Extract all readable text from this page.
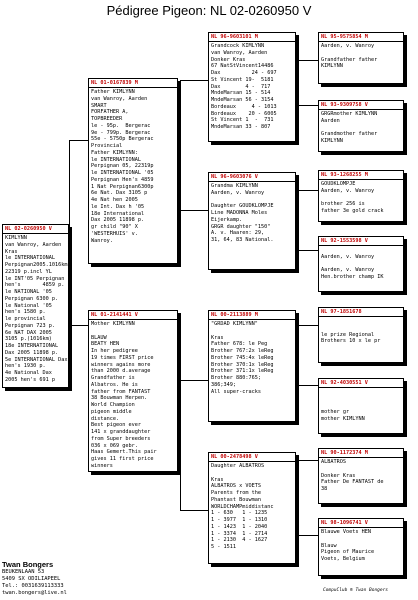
Pédigree Pigeon: NL 02-0260950 V
NL 02-0260950 V
KIMLYNN
van Wanroy, Aarden
Kras
le INTERNATIONAL
Perpignan2005.1016km
22319 p.incl YL
le INT'05 Perpignan
hen's       4859 p.
le NATIONAL '05
Perpignan 6300 p.
le National '05
hen's 1580 p.
le provincial
Perpignan 723 p.
6e NAT DAX 2005
3105 p.(1016km)
18e INTERNATIONAL
Dax 2005 11898 p.
5e INTERNATIONAL Dax
hen's 1930 p.
4e National Dax
2005 hen's 691 p
NL 01-0167839 M
Father KIMLYNN
van Wanroy, Aarden
SMART
FORFATHER A,
TOPBREEDER
le - 95p.  Bergerac
9e - 799p. Bergerac
55e - 5750p Bergerac
Provincial
Father KIMLYNN:
le INTERNATIONAL
Perpignan 05, 22319p
le INTERNATIONAL '05
Perpignan Hen's 4859
1 Nat Perpignan6300p
6e Nat. Dax 3105 p
4e Nat hen 2005
le Int. Dax h '05
18e International
Dax 2005 11898 p.
gr child "90" X
'WESTERHUIS' v.
Wanroy.
NL 01-2141441 V
Mother KIMLYNN

BLAUW
BEATY HEN
In her pedigree
19 times FIRST price
winners agains more
than 2000 d.average
Grandfather is
Albatros. He is
father from FANTAST
38 Bouwman Herpen.
World Champion
pigeon middle
distance.
Best pigeon ever
141 x granddaughter
from Super breeders
036 x 069 gebr.
Haas Gemert.This pair
gives 11 first price
winners
NL 96-9603101 M
Grandcock KIMLYNN
van Wanroy, Aarden
Donker Kras
67 NatStVincent14486
Dax          24 - 697
St Vincent 19-  5181
Dax        4 -  717
MndeMarsan 15 - 514
MndeMarsan 56 - 3154
Bordeaux     4 - 1013
Bordeaux    20 - 6005
St Vincent 1  -  731
MndeMarsan 33 - 807
NL 96-9603076 V
Grandma KIMLYNN
Aarden, v. Wanroy

Daughter GOUDKLOMPJE
Line MADONNA Moles
Eijerkamp.
GRGR daughter "150"
A. v. Haaren: 29,
31, 64, 83 National.
NL 00-2113889 M
"GRDAD KIMLYNN"

Kras
Father 678: le Peg
Brother 767:2x leReg
Brother 745:4x leReg
Brother 370:1x leReg
Brother 371:1x leReg
Brother 880:765;
386;349;
All super-cracks
NL 00-2478498 V
Daughter ALBATROS

Kras
ALBATROS x VOETS
Parents from the
Phantast Bouwman
WORLDCHAMPmiddistanc
1 - 630   1 - 1235
1 - 3977  1 - 1310
1 - 1423  1 - 2040
1 - 3374  1 - 2714
1 - 2130  4 - 1627
5 - 1511
NL 95-9575854 M
Aarden, v. Wanroy

Grandfather father
KIMLYNN
NL 93-9309758 V
GRGRmother KIMLYNN
Aarden

Grandmother father
KIMLYNN
NL 93-1268255 M
GOUDKLOMPJE
Aarden, v. Wanroy

brother 256 is
father 3e gold crack
NL 92-1553598 V

Aarden, v. Wanroy

Aarden, v. Wanroy
Hen.brother champ IK
NL 97-1851678

le prize Regional
Brothers 10 x le pr
NL 92-4030551 V

mother gr
mother KIMLYNN
NL 90-1172374 M
ALBATROS

Donker Kras
Father De FANTAST de
38
NL 98-1096741 V
Blauwe Voets HEN

Blauw
Pigeon of Maurice
Voets, Belgium
Twan Bongers
BEUKENLAAN 53
5409 SX ODILIAPEEL
Tel.: 0031639113333
twan.bongers@live.nl	CompuClub ® Twan Bongers
